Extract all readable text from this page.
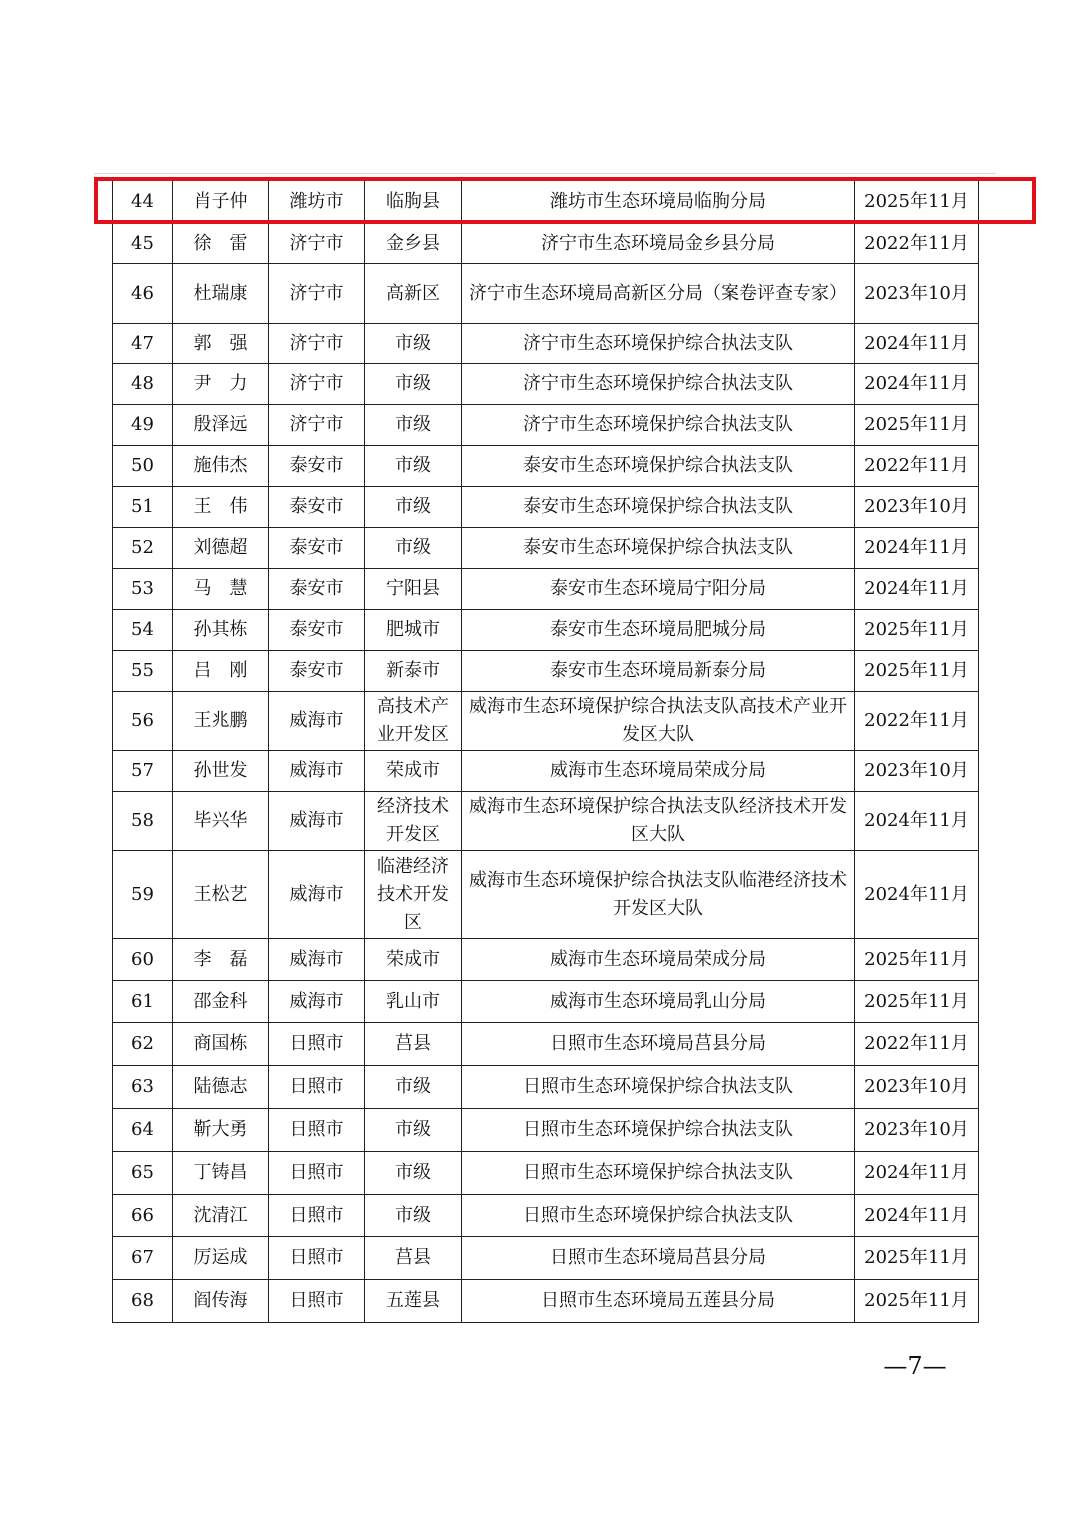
44	肖子仲	潍坊市	临朐县	潍坊市生态环境局临朐分局	2025年11月
45	徐　雷	济宁市	金乡县	济宁市生态环境局金乡县分局	2022年11月
46	杜瑞康	济宁市	高新区	济宁市生态环境局高新区分局（案卷评查专家）	2023年10月
47	郭　强	济宁市	市级	济宁市生态环境保护综合执法支队	2024年11月
48	尹　力	济宁市	市级	济宁市生态环境保护综合执法支队	2024年11月
49	殷泽远	济宁市	市级	济宁市生态环境保护综合执法支队	2025年11月
50	施伟杰	泰安市	市级	泰安市生态环境保护综合执法支队	2022年11月
51	王　伟	泰安市	市级	泰安市生态环境保护综合执法支队	2023年10月
52	刘德超	泰安市	市级	泰安市生态环境保护综合执法支队	2024年11月
53	马　慧	泰安市	宁阳县	泰安市生态环境局宁阳分局	2024年11月
54	孙其栋	泰安市	肥城市	泰安市生态环境局肥城分局	2025年11月
55	吕　刚	泰安市	新泰市	泰安市生态环境局新泰分局	2025年11月
56	王兆鹏	威海市	高技术产业开发区	威海市生态环境保护综合执法支队高技术产业开发区大队	2022年11月
57	孙世发	威海市	荣成市	威海市生态环境局荣成分局	2023年10月
58	毕兴华	威海市	经济技术开发区	威海市生态环境保护综合执法支队经济技术开发区大队	2024年11月
59	王松艺	威海市	临港经济技术开发区	威海市生态环境保护综合执法支队临港经济技术开发区大队	2024年11月
60	李　磊	威海市	荣成市	威海市生态环境局荣成分局	2025年11月
61	邵金科	威海市	乳山市	威海市生态环境局乳山分局	2025年11月
62	商国栋	日照市	莒县	日照市生态环境局莒县分局	2022年11月
63	陆德志	日照市	市级	日照市生态环境保护综合执法支队	2023年10月
64	靳大勇	日照市	市级	日照市生态环境保护综合执法支队	2023年10月
65	丁铸昌	日照市	市级	日照市生态环境保护综合执法支队	2024年11月
66	沈清江	日照市	市级	日照市生态环境保护综合执法支队	2024年11月
67	厉运成	日照市	莒县	日照市生态环境局莒县分局	2025年11月
68	阎传海	日照市	五莲县	日照市生态环境局五莲县分局	2025年11月
—7—
